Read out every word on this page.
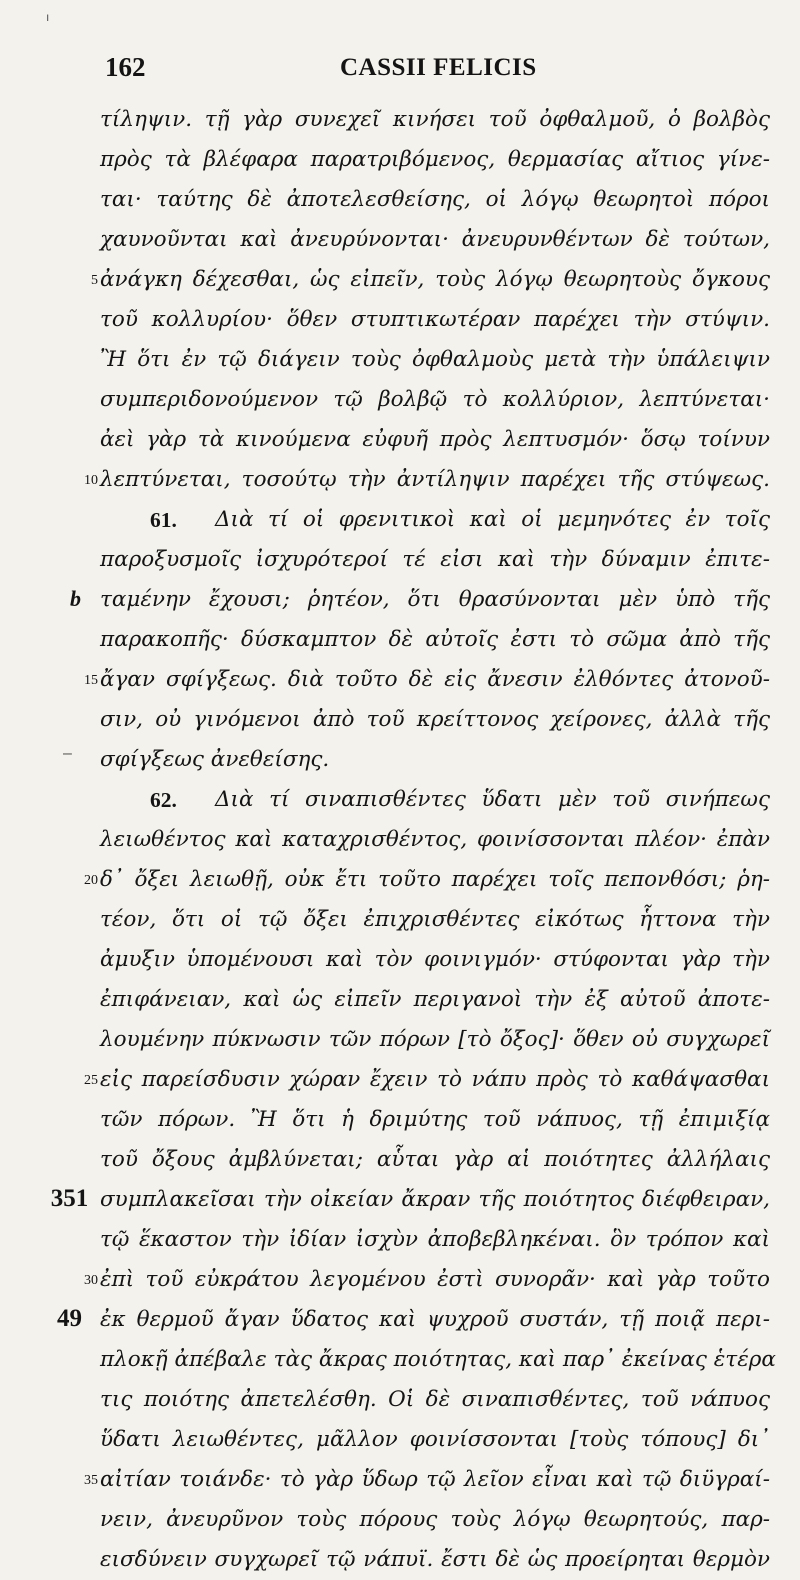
162	CASSII FELICIS
ı
–
τίληψιν. τῇ γὰρ συνεχεῖ κινήσει τοῦ ὀφθαλμοῦ, ὁ βολβὸς
πρὸς τὰ βλέφαρα παρατριβόμενος, θερμασίας αἴτιος γίνε-
ται· ταύτης δὲ ἀποτελεσθείσης, οἱ λόγῳ θεωρητοὶ πόροι
χαυνοῦνται καὶ ἀνευρύνονται· ἀνευρυνθέντων δὲ τούτων,
ἀνάγκη δέχεσθαι, ὡς εἰπεῖν, τοὺς λόγῳ θεωρητοὺς ὄγκους
τοῦ κολλυρίου· ὅθεν στυπτικωτέραν παρέχει τὴν στύψιν.
Ἢ ὅτι ἐν τῷ διάγειν τοὺς ὀφθαλμοὺς μετὰ τὴν ὑπάλειψιν
συμπεριδονούμενον τῷ βολβῷ τὸ κολλύριον, λεπτύνεται·
ἀεὶ γὰρ τὰ κινούμενα εὐφυῆ πρὸς λεπτυσμόν· ὅσῳ τοίνυν
λεπτύνεται, τοσούτῳ τὴν ἀντίληψιν παρέχει τῆς στύψεως.
61.	Διὰ τί οἱ φρενιτικοὶ καὶ οἱ μεμηνότες ἐν τοῖς
παροξυσμοῖς ἰσχυρότεροί τέ εἰσι καὶ τὴν δύναμιν ἐπιτε-
ταμένην ἔχουσι; ῥητέον, ὅτι θρασύνονται μὲν ὑπὸ τῆς
παρακοπῆς· δύσκαμπτον δὲ αὐτοῖς ἐστι τὸ σῶμα ἀπὸ τῆς
ἄγαν σφίγξεως. διὰ τοῦτο δὲ εἰς ἄνεσιν ἐλθόντες ἀτονοῦ-
σιν, οὐ γινόμενοι ἀπὸ τοῦ κρείττονος χείρονες, ἀλλὰ τῆς
σφίγξεως ἀνεθείσης.
62.	Διὰ τί σιναπισθέντες ὕδατι μὲν τοῦ σινήπεως
λειωθέντος καὶ καταχρισθέντος, φοινίσσονται πλέον· ἐπὰν
δ᾽ ὄξει λειωθῇ, οὐκ ἔτι τοῦτο παρέχει τοῖς πεπονθόσι; ῥη-
τέον, ὅτι οἱ τῷ ὄξει ἐπιχρισθέντες εἰκότως ἧττονα τὴν
ἀμυξιν ὑπομένουσι καὶ τὸν φοινιγμόν· στύφονται γὰρ τὴν
ἐπιφάνειαν, καὶ ὡς εἰπεῖν περιγανοὶ τὴν ἐξ αὐτοῦ ἀποτε-
λουμένην πύκνωσιν τῶν πόρων [τὸ ὄξος]· ὅθεν οὐ συγχωρεῖ
εἰς παρείσδυσιν χώραν ἔχειν τὸ νάπυ πρὸς τὸ καθάψασθαι
τῶν πόρων. Ἢ ὅτι ἡ δριμύτης τοῦ νάπυος, τῇ ἐπιμιξίᾳ
τοῦ ὄξους ἀμβλύνεται; αὗται γὰρ αἱ ποιότητες ἀλλήλαις
συμπλακεῖσαι τὴν οἰκείαν ἄκραν τῆς ποιότητος διέφθειραν,
τῷ ἕκαστον τὴν ἰδίαν ἰσχὺν ἀποβεβληκέναι. ὃν τρόπον καὶ
ἐπὶ τοῦ εὐκράτου λεγομένου ἐστὶ συνορᾶν· καὶ γὰρ τοῦτο
ἐκ θερμοῦ ἄγαν ὕδατος καὶ ψυχροῦ συστάν, τῇ ποιᾷ περι-
πλοκῇ ἀπέβαλε τὰς ἄκρας ποιότητας, καὶ παρ᾽ ἐκείνας ἑτέρα
τις ποιότης ἀπετελέσθη. Οἱ δὲ σιναπισθέντες, τοῦ νάπυος
ὕδατι λειωθέντες, μᾶλλον φοινίσσονται [τοὺς τόπους] δι᾽
αἰτίαν τοιάνδε· τὸ γὰρ ὕδωρ τῷ λεῖον εἶναι καὶ τῷ διϋγραί-
νειν, ἀνευρῦνον τοὺς πόρους τοὺς λόγῳ θεωρητούς, παρ-
εισδύνειν συγχωρεῖ τῷ νάπυϊ. ἔστι δὲ ὡς προείρηται θερμὸν
5
10
15
20
25
30
35
b
351
49
